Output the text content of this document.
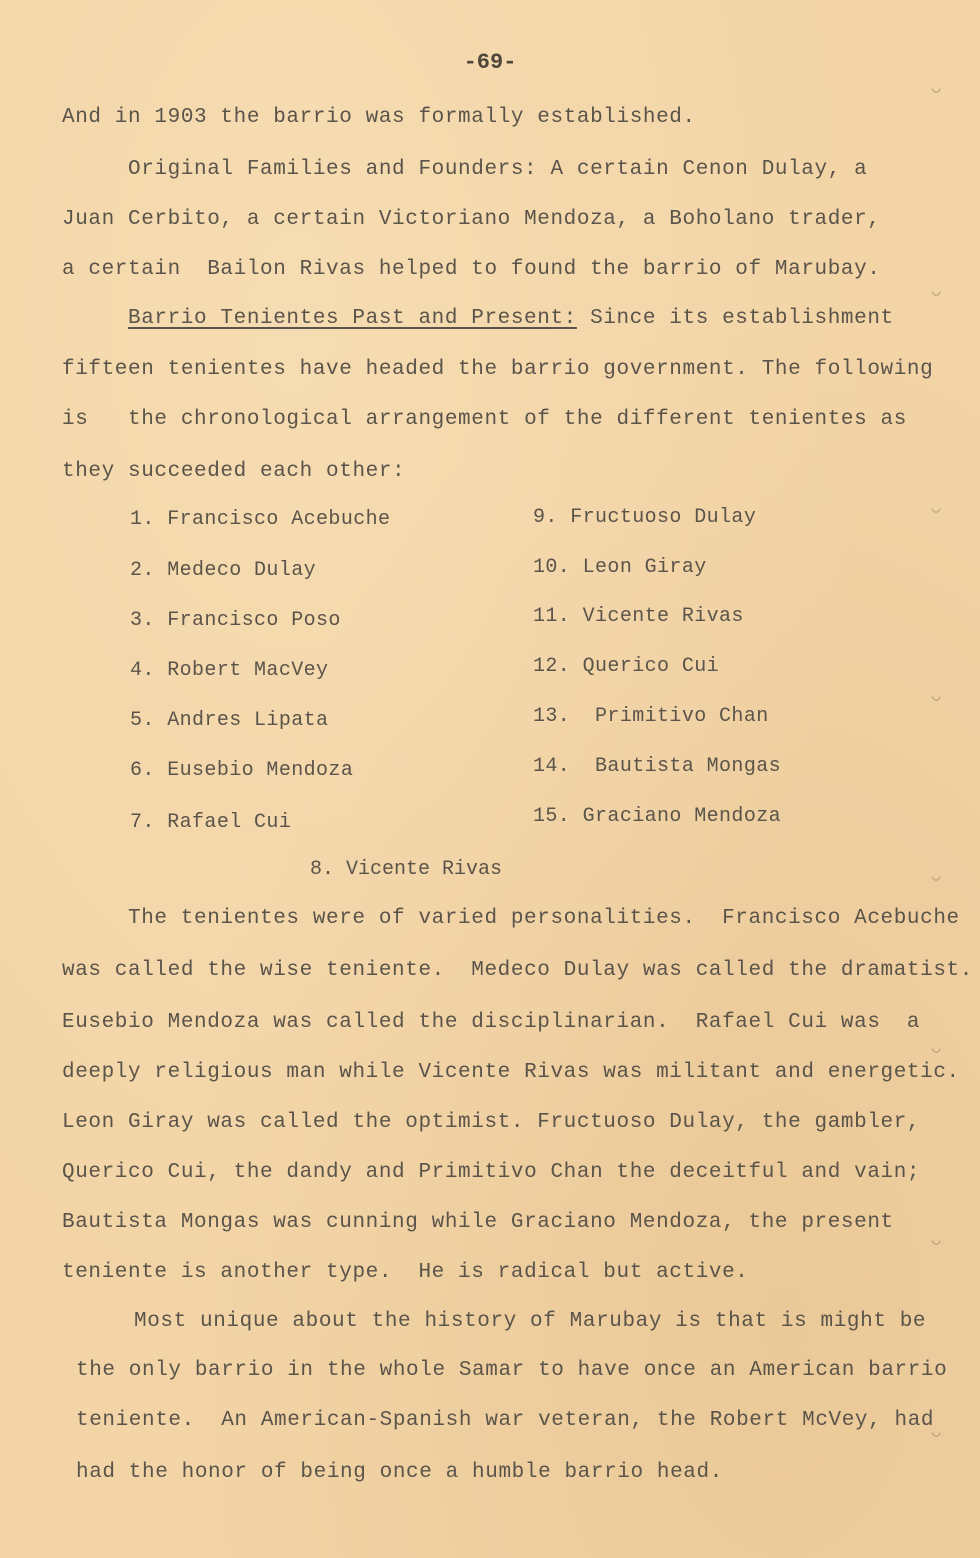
-69-
And in 1903 the barrio was formally established.
Original Families and Founders: A certain Cenon Dulay, a
Juan Cerbito, a certain Victoriano Mendoza, a Boholano trader,
a certain  Bailon Rivas helped to found the barrio of Marubay.
Barrio Tenientes Past and Present: Since its establishment
fifteen tenientes have headed the barrio government. The following
is   the chronological arrangement of the different tenientes as
they succeeded each other:
1. Francisco Acebuche
2. Medeco Dulay
3. Francisco Poso
4. Robert MacVey
5. Andres Lipata
6. Eusebio Mendoza
7. Rafael Cui
9. Fructuoso Dulay
10. Leon Giray
11. Vicente Rivas
12. Querico Cui
13.  Primitivo Chan
14.  Bautista Mongas
15. Graciano Mendoza
8. Vicente Rivas
The tenientes were of varied personalities.  Francisco Acebuche
was called the wise teniente.  Medeco Dulay was called the dramatist.
Eusebio Mendoza was called the disciplinarian.  Rafael Cui was  a
deeply religious man while Vicente Rivas was militant and energetic.
Leon Giray was called the optimist. Fructuoso Dulay, the gambler,
Querico Cui, the dandy and Primitivo Chan the deceitful and vain;
Bautista Mongas was cunning while Graciano Mendoza, the present
teniente is another type.  He is radical but active.
Most unique about the history of Marubay is that is might be
the only barrio in the whole Samar to have once an American barrio
teniente.  An American-Spanish war veteran, the Robert McVey, had
had the honor of being once a humble barrio head.
◡
◡
◡
◡
◡
◡
◡
◡
